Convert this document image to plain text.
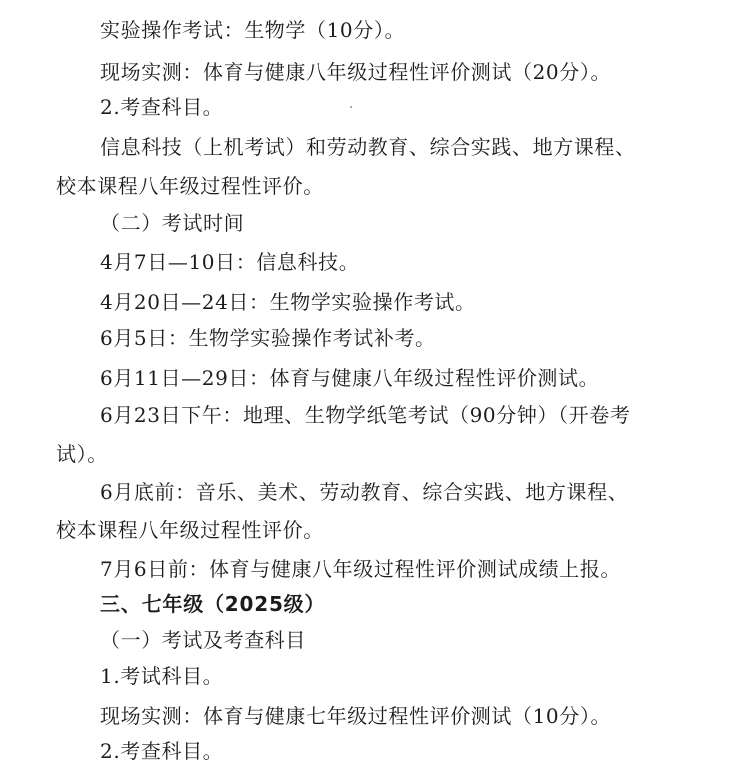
实验操作考试：生物学（10分）。
现场实测：体育与健康八年级过程性评价测试（20分）。
2.考查科目。
信息科技（上机考试）和劳动教育、综合实践、地方课程、
校本课程八年级过程性评价。
（二）考试时间
4月7日—10日：信息科技。
4月20日—24日：生物学实验操作考试。
6月5日：生物学实验操作考试补考。
6月11日—29日：体育与健康八年级过程性评价测试。
6月23日下午：地理、生物学纸笔考试（90分钟）（开卷考
试）。
6月底前：音乐、美术、劳动教育、综合实践、地方课程、
校本课程八年级过程性评价。
7月6日前：体育与健康八年级过程性评价测试成绩上报。
三、七年级（2025级）
（一）考试及考查科目
1.考试科目。
现场实测：体育与健康七年级过程性评价测试（10分）。
2.考查科目。
